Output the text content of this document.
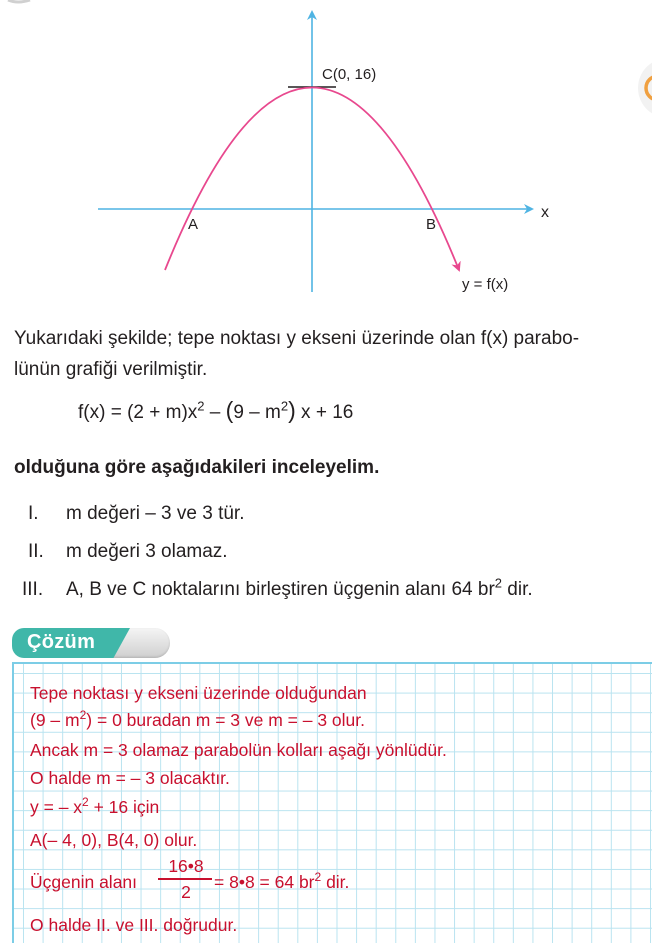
C(0, 16)
A	B
x
y = f(x)
Yukarıdaki şekilde; tepe noktası y ekseni üzerinde olan f(x) parabo-
lünün grafiği verilmiştir.
$f(x) = (2 + m)x^2 - (9 - m^2)$ x + 16
olduğuna göre aşağıdakileri inceleyelim.
I. m değeri – 3 ve 3 tür.
II. m değeri 3 olamaz.
III. A, B ve C noktalarını birleştiren üçgenin alanı 64 $br^2$ dir.
Çözüm
Tepe noktası y ekseni üzerinde olduğundan
$(9 - m^2) = 0$ buradan m = 3 ve m = – 3 olur.
Ancak m = 3 olamaz parabolün kolları aşağı yönlüdür.
O halde m = – 3 olacaktır.
y = – $x^2 + 16$ için
A(– 4, 0), B(4, 0) olur.
Üçgenin alanı
16•8
2	= 8•8 = 64 $br^2$ dir.
O halde II. ve III. doğrudur.
